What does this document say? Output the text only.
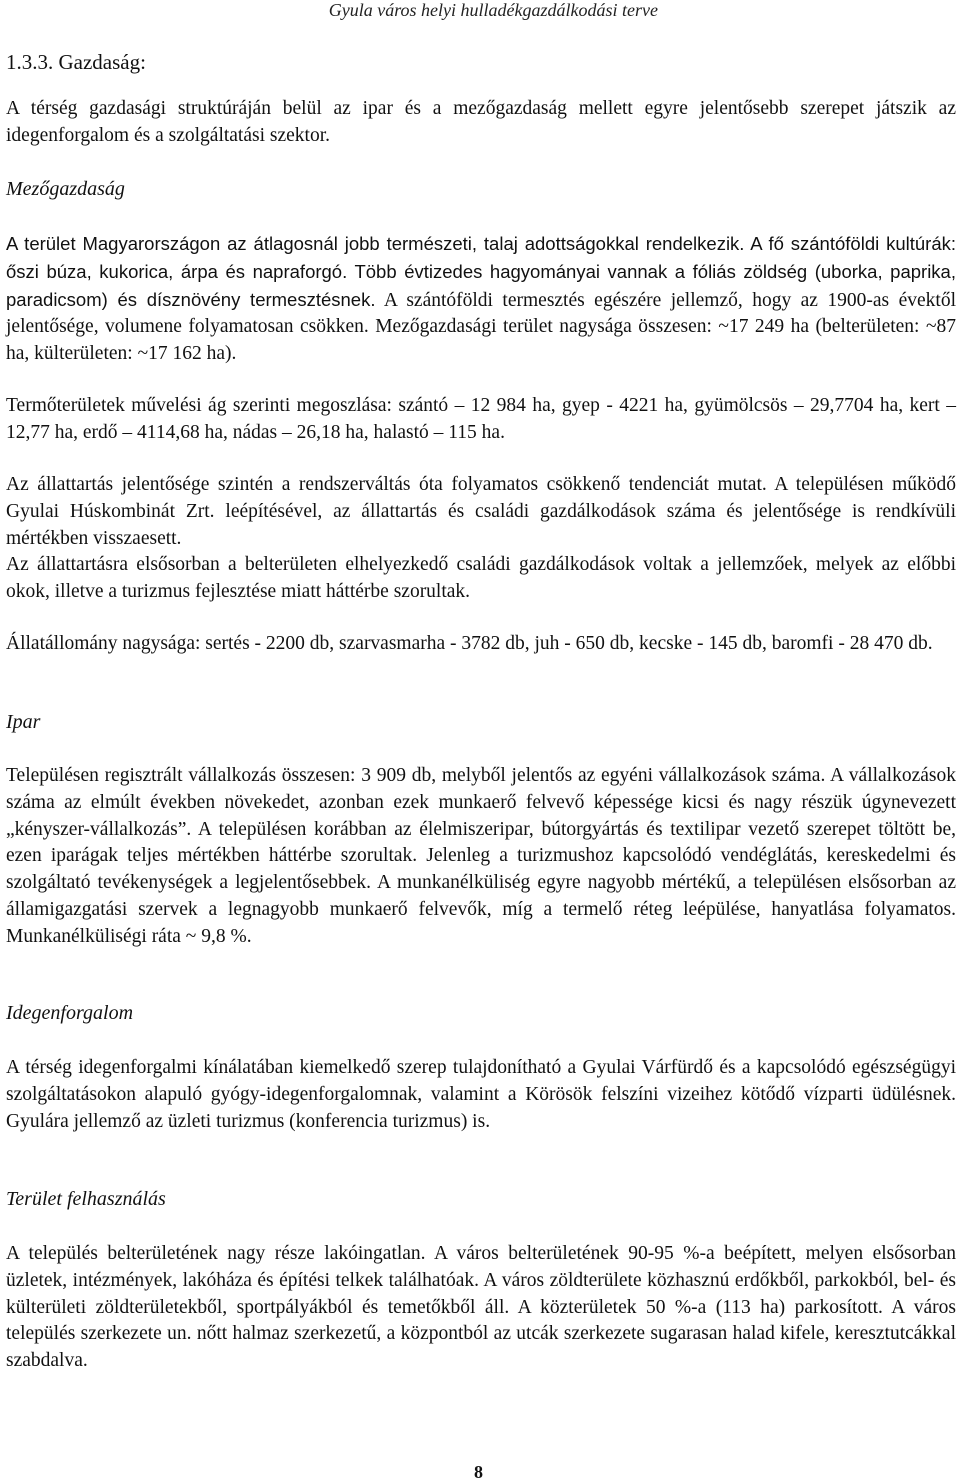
Gyula város helyi hulladékgazdálkodási terve
1.3.3. Gazdaság:
A térség gazdasági struktúráján belül az ipar és a mezőgazdaság mellett egyre jelentősebb szerepet játszik az idegenforgalom és a szolgáltatási szektor.
Mezőgazdaság
A terület Magyarországon az átlagosnál jobb természeti, talaj adottságokkal rendelkezik. A fő szántóföldi kultúrák: őszi búza, kukorica, árpa és napraforgó. Több évtizedes hagyományai vannak a fóliás zöldség (uborka, paprika, paradicsom) és dísznövény termesztésnek. A szántóföldi termesztés egészére jellemző, hogy az 1900-as évektől jelentősége, volumene folyamatosan csökken. Mezőgazdasági terület nagysága összesen: ~17 249 ha (belterületen: ~87 ha, külterületen: ~17 162 ha).
Termőterületek művelési ág szerinti megoszlása: szántó – 12 984 ha, gyep - 4221 ha, gyümölcsös – 29,7704 ha, kert – 12,77 ha, erdő – 4114,68 ha, nádas – 26,18 ha, halastó – 115 ha.
Az állattartás jelentősége szintén a rendszerváltás óta folyamatos csökkenő tendenciát mutat. A településen működő Gyulai Húskombinát Zrt. leépítésével, az állattartás és családi gazdálkodások száma és jelentősége is rendkívüli mértékben visszaesett.
Az állattartásra elsősorban a belterületen elhelyezkedő családi gazdálkodások voltak a jellemzőek, melyek az előbbi okok, illetve a turizmus fejlesztése miatt háttérbe szorultak.
Állatállomány nagysága: sertés - 2200 db, szarvasmarha - 3782 db, juh - 650 db, kecske - 145 db, baromfi - 28 470 db.
Ipar
Településen regisztrált vállalkozás összesen: 3 909 db, melyből jelentős az egyéni vállalkozások száma. A vállalkozások száma az elmúlt években növekedet, azonban ezek munkaerő felvevő képessége kicsi és nagy részük úgynevezett „kényszer-vállalkozás”. A településen korábban az élelmiszeripar, bútorgyártás és textilipar vezető szerepet töltött be, ezen iparágak teljes mértékben háttérbe szorultak. Jelenleg a turizmushoz kapcsolódó vendéglátás, kereskedelmi és szolgáltató tevékenységek a legjelentősebbek. A munkanélküliség egyre nagyobb mértékű, a településen elsősorban az államigazgatási szervek a legnagyobb munkaerő felvevők, míg a termelő réteg leépülése, hanyatlása folyamatos. Munkanélküliségi ráta ~ 9,8 %.
Idegenforgalom
A térség idegenforgalmi kínálatában kiemelkedő szerep tulajdonítható a Gyulai Várfürdő és a kapcsolódó egészségügyi szolgáltatásokon alapuló gyógy-idegenforgalomnak, valamint a Körösök felszíni vizeihez kötődő vízparti üdülésnek. Gyulára jellemző az üzleti turizmus (konferencia turizmus) is.
Terület felhasználás
A település belterületének nagy része lakóingatlan. A város belterületének 90-95 %-a beépített, melyen elsősorban üzletek, intézmények, lakóháza és építési telkek találhatóak. A város zöldterülete közhasznú erdőkből, parkokból, bel- és külterületi zöldterületekből, sportpályákból és temetőkből áll. A közterületek 50 %-a (113 ha) parkosított. A város település szerkezete un. nőtt halmaz szerkezetű, a központból az utcák szerkezete sugarasan halad kifele, keresztutcákkal szabdalva.
8
